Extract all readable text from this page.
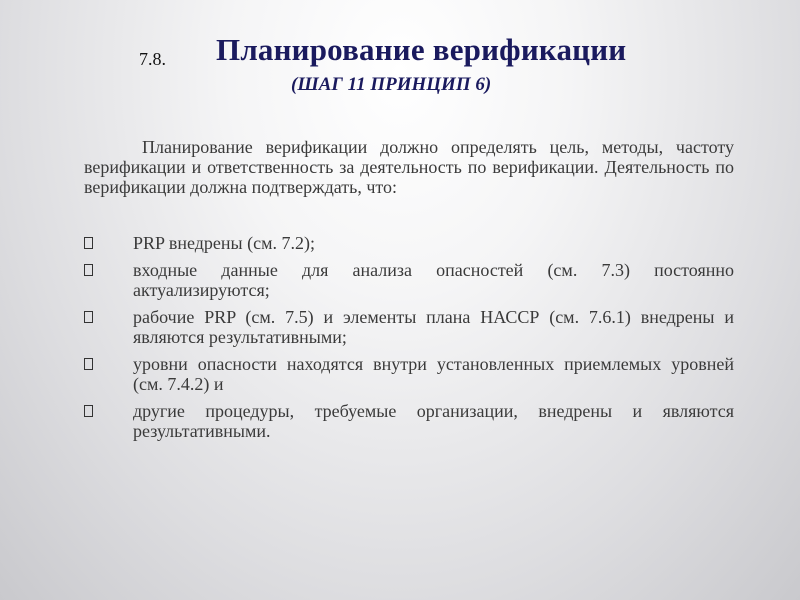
7.8. Планирование верификации
(ШАГ 11 ПРИНЦИП 6)

Планирование верификации должно определять цель, методы, частоту верификации и ответственность за деятельность по верификации. Деятельность по верификации должна подтверждать, что:

PRP внедрены (см. 7.2);
входные данные для анализа опасностей (см. 7.3) постоянно актуализируются;
рабочие PRP (см. 7.5) и элементы плана НАССР (см. 7.6.1) внедрены и являются результативными;
уровни опасности находятся внутри установленных приемлемых уровней (см. 7.4.2) и
другие процедуры, требуемые организации, внедрены и являются результативными.
